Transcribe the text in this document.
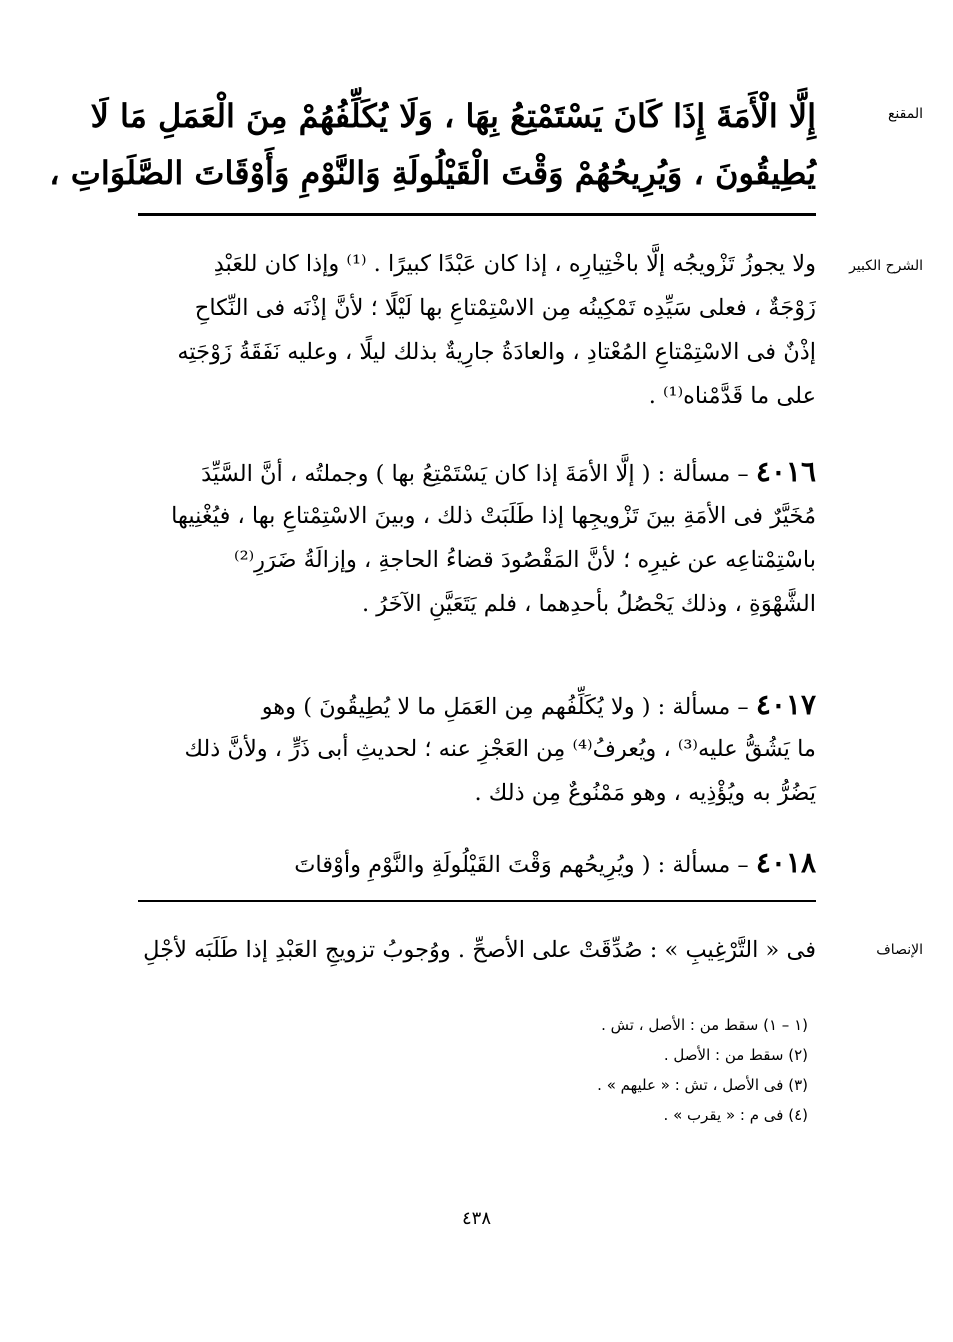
المقنع
إِلَّا الْأَمَةَ إِذَا كَانَ يَسْتَمْتِعُ بِهَا ، وَلَا يُكَلِّفُهُمْ مِنَ الْعَمَلِ مَا لَا
يُطِيقُونَ ، وَيُرِيحُهُمْ وَقْتَ الْقَيْلُولَةِ وَالنَّوْمِ وَأَوْقَاتَ الصَّلَوَاتِ ،
الشرح الكبير
ولا يجوزُ تَزْويجُه إلَّا باخْتِيارِه ، إذا كان عَبْدًا كبيرًا . ⁽¹⁾ وإذا كان للعَبْدِ
زَوْجَةٌ ، فعلى سَيِّدِه تَمْكِينُه مِن الاسْتِمْتاعِ بها لَيْلًا ؛ لأنَّ إذْنَه فى النِّكاحِ
إذْنٌ فى الاسْتِمْتاعِ المُعْتادِ ، والعادَةُ جارِيةٌ بذلك ليلًا ، وعليه نَفَقَةُ زَوْجَتِه
على ما قَدَّمْناه⁽¹⁾ .
٤٠١٦ – مسألة : ( إلَّا الأمَةَ إذا كان يَسْتَمْتِعُ بها ) وجملتُه ، أنَّ السَّيِّدَ
مُخَيَّرٌ فى الأمَةِ بينَ تَزْويجِها إذا طَلَبَتْ ذلك ، وبينَ الاسْتِمْتاعِ بها ، فيُغْنِيها
باسْتِمْتاعِه عن غيرِه ؛ لأنَّ المَقْصُودَ قضاءُ الحاجةِ ، وإزالَةُ ضَرَرِ⁽²⁾
الشَّهْوَةِ ، وذلك يَحْصُلُ بأحدِهما ، فلم يَتَعَيَّنِ الآخَرُ .
٤٠١٧ – مسألة : ( ولا يُكَلِّفُهم مِن العَمَلِ ما لا يُطِيقُونَ ) وهو
ما يَشُقُّ عليه⁽³⁾ ، ويُعرفُ⁽⁴⁾ مِن العَجْزِ عنه ؛ لحديثِ أبى ذَرٍّ ، ولأنَّ ذلك
يَضُرُّ به ويُؤْذِيه ، وهو مَمْنُوعٌ مِن ذلك .
٤٠١٨ – مسألة : ( ويُرِيحُهم وَقْتَ القَيْلُولَةِ والنَّوْمِ وأوْقاتَ
الإنصاف
فى « التَّرْغِيبِ » : صُدِّقَتْ على الأصحِّ . ووُجوبُ تزويجِ العَبْدِ إذا طَلَبَه لأجْلِ
(١ – ١) سقط من : الأصل ، تش .
(٢) سقط من : الأصل .
(٣) فى الأصل ، تش : « عليهم » .
(٤) فى م : « يقرب » .
٤٣٨
